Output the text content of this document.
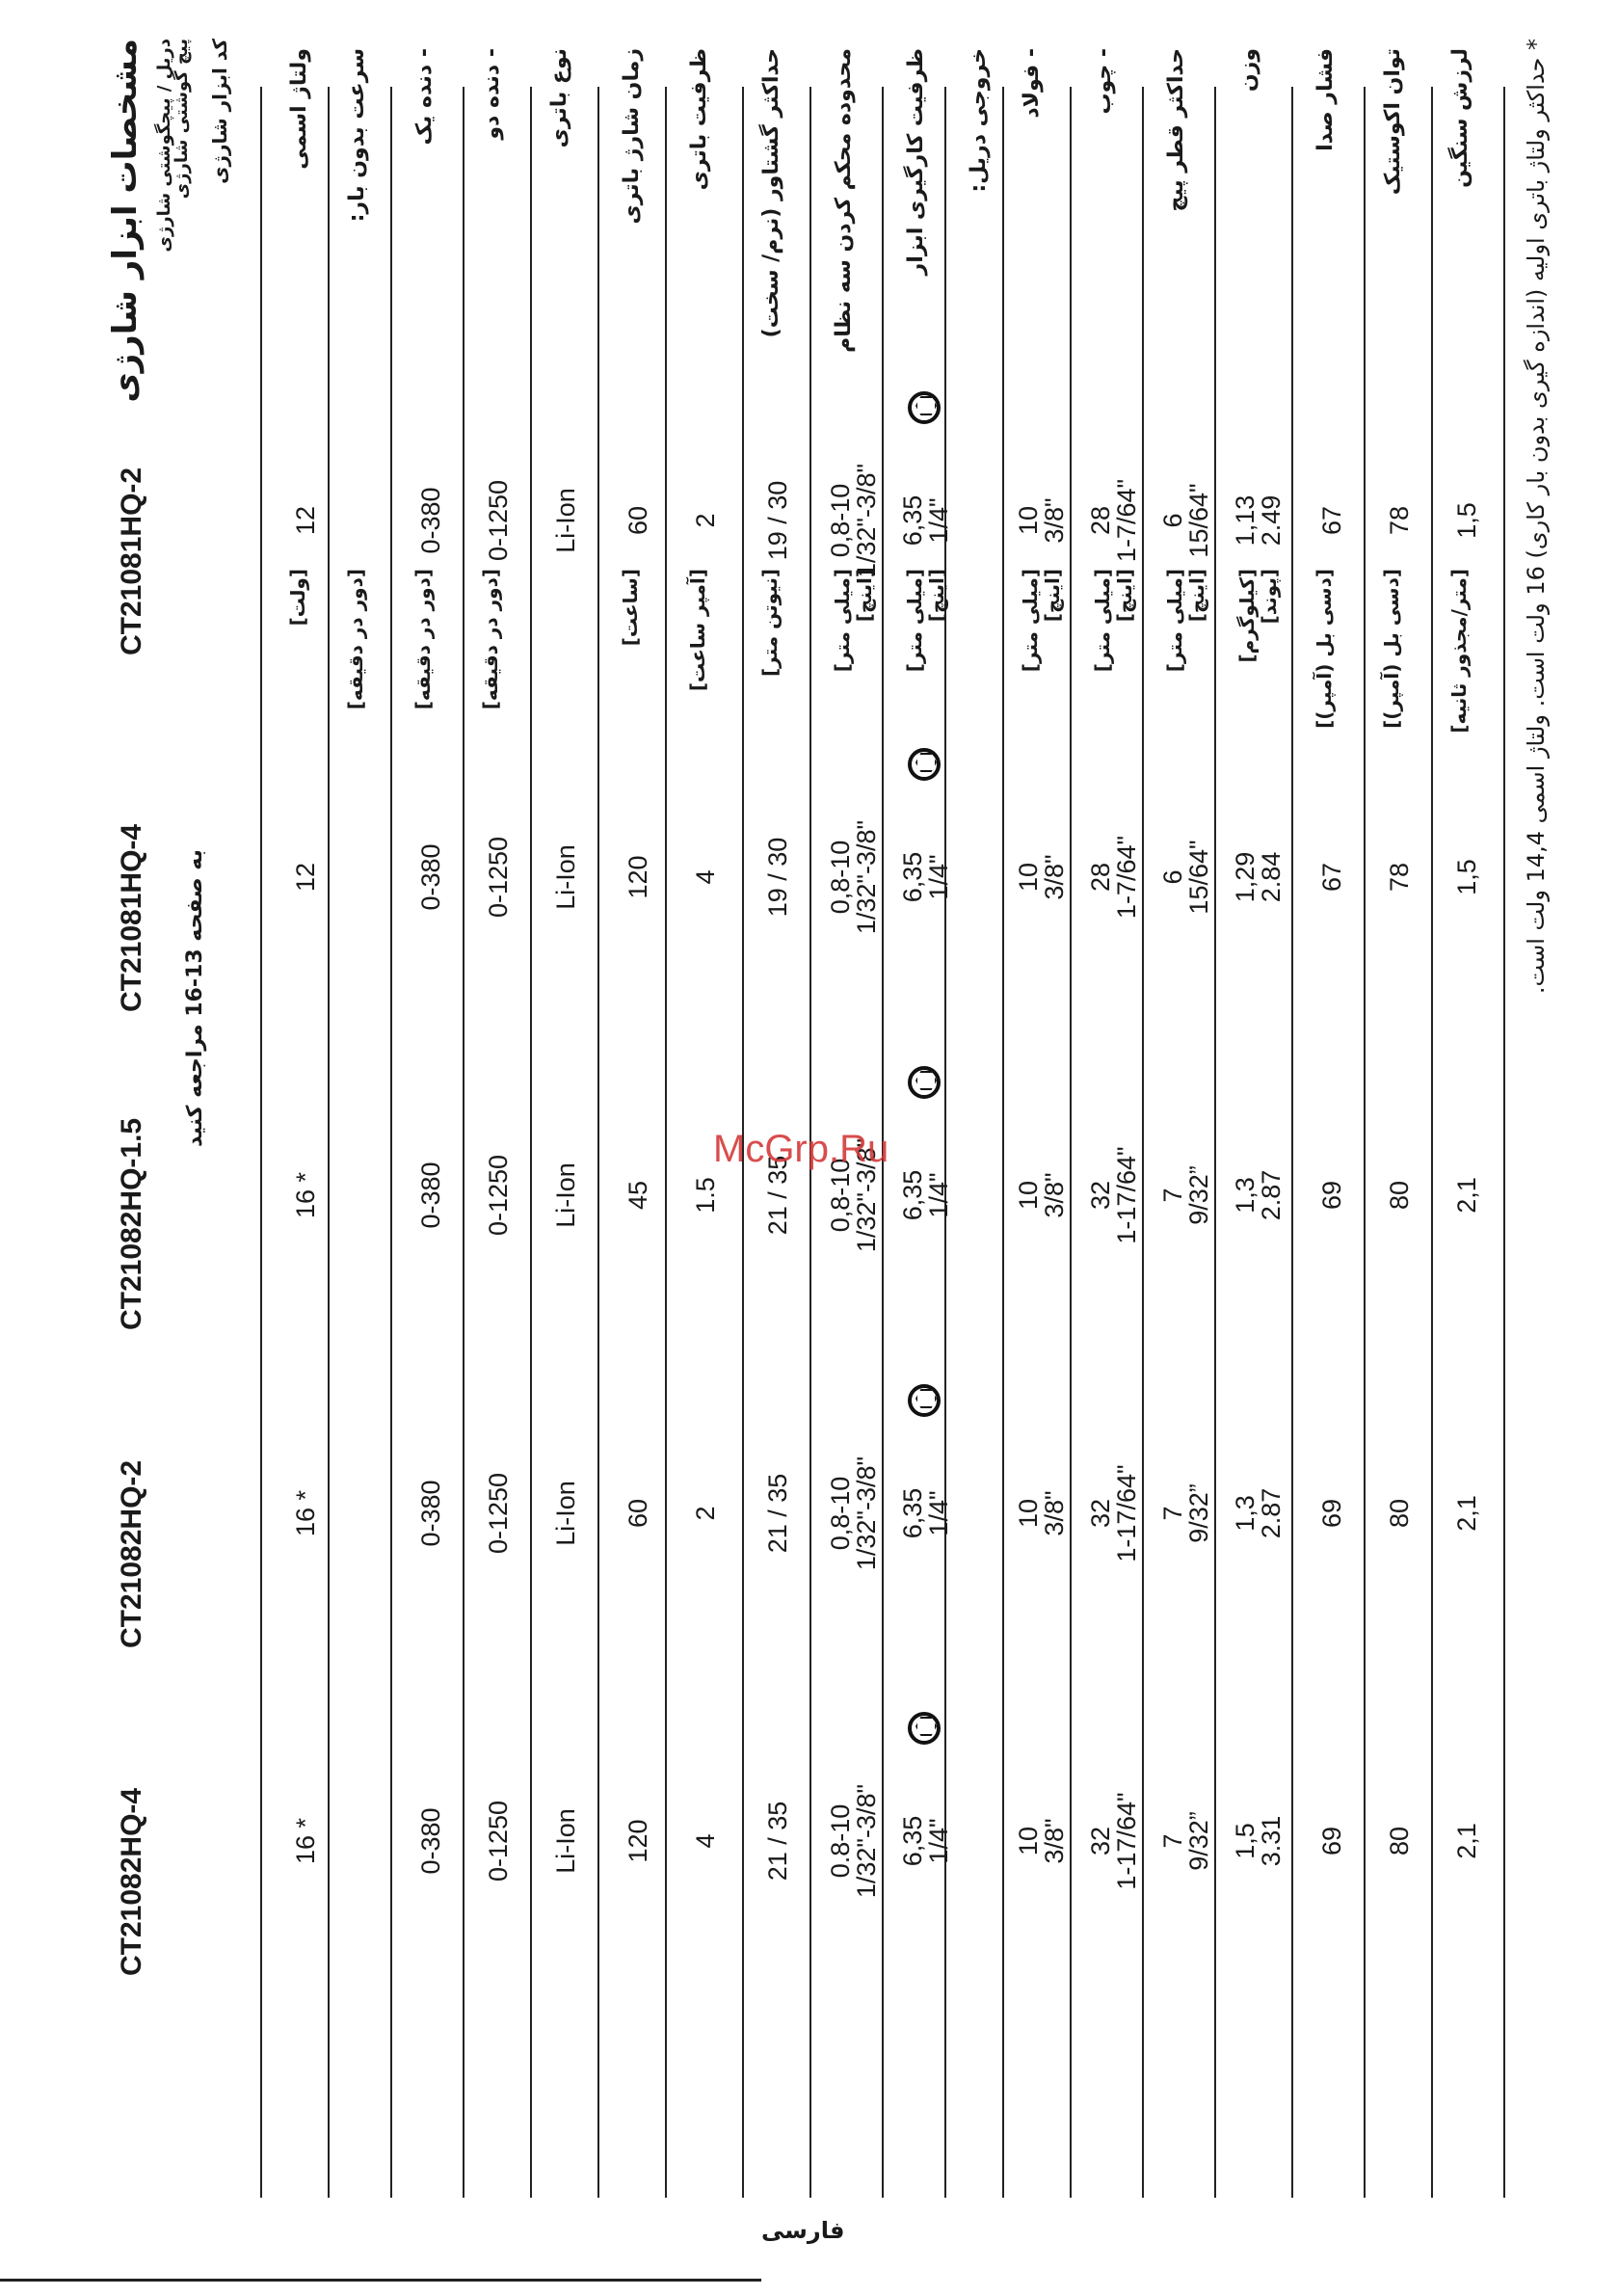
مشخصات ابزار شارژی دریل / پیچگوشتی شارژی
پیچ گوشتی شارژی کد ابزار شارژی
CT21082HQ-4
CT21082HQ-2
CT21082HQ-1.5
CT21081HQ-4
CT21081HQ-2
به صفحه 13-16 مراجعه کنید
ولتاژ اسمی
[ولت]
16 *
16 *
16 *
12
12
سرعت بدون بار:
[دور در دقیقه]
- دنده یک
[دور در دقیقه]
0-380
0-380
0-380
0-380
0-380
- دنده دو
[دور در دقیقه]
0-1250
0-1250
0-1250
0-1250
0-1250
نوع باتری
Li-Ion
Li-Ion
Li-Ion
Li-Ion
Li-Ion
زمان شارژ باتری
[ساعت]
120
60
45
120
60
ظرفیت باتری
[آمپر ساعت]
4
2
1.5
4
2
حداکثر گشتاور (نرم/ سخت)
[نیوتن متر]
21 / 35
21 / 35
21 / 35
19 / 30
19 / 30
محدوده محکم کردن سه نظام
[میلی متر]
[اینچ]
0.8-10
1/32"-3/8"
0,8-10
1/32"-3/8"
0,8-10
1/32"-3/8"
0,8-10
1/32"-3/8"
0,8-10
1/32"-3/8"
ظرفیت کارگیری ابزار
[میلی متر]
[اینچ]
6,35
1/4"
6,35
1/4"
6,35
1/4"
6,35
1/4"
6,35
1/4"
خروجی دریل: - فولاد
[میلی متر]
[اینچ]
10
3/8"
10
3/8"
10
3/8"
10
3/8"
10
3/8"
- چوب
[میلی متر]
[اینچ]
32
1-17/64"
32
1-17/64"
32
1-17/64"
28
1-7/64"
28
1-7/64"
حداکثر قطر پیچ
[میلی متر]
[اینچ]
7
9/32”
7
9/32”
7
9/32”
6
15/64"
6
15/64"
وزن
[کیلوگرم]
[پوند]
1,5
3.31
1,3
2.87
1,3
2.87
1,29
2.84
1,13
2.49
فشار صدا
[دسی بل (آمپر)]
69
69
69
67
67
توان اکوستیک
[دسی بل (آمپر)]
80
80
80
78
78
لرزش سنگین
[متر/مجذور ثانیه]
2,1
2,1
2,1
1,5
1,5
* حداکثر ولتاژ باتری اولیه (اندازه گیری بدون بار کاری) 16 ولت است. ولتاژ اسمی 14,4 ولت است.
McGrp.Ru
فارسی
